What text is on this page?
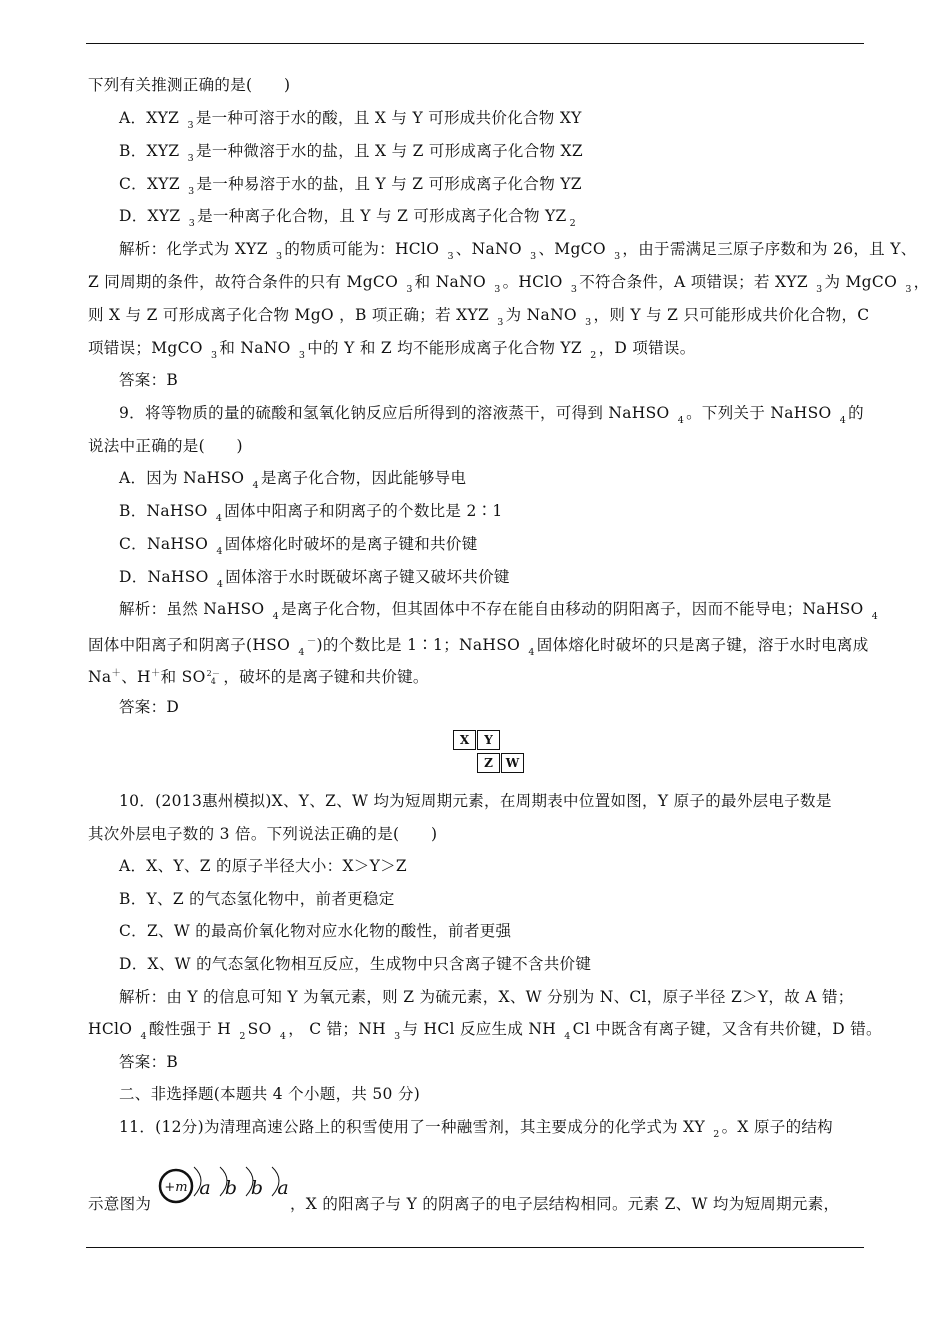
下列有关推测正确的是(　　)
A．XYZ $_3$ 是一种可溶于水的酸，且 X 与 Y 可形成共价化合物 XY
B．XYZ $_3$ 是一种微溶于水的盐，且 X 与 Z 可形成离子化合物 XZ
C．XYZ $_3$ 是一种易溶于水的盐，且 Y 与 Z 可形成离子化合物 YZ
D．XYZ $_3$ 是一种离子化合物，且 Y 与 Z 可形成离子化合物 YZ $_2$
解析：化学式为 XYZ $_3$ 的物质可能为：HClO $_3$ 、NaNO $_3$ 、MgCO $_3$ ，由于需满足三原子序数和为 26，且 Y、
Z 同周期的条件，故符合条件的只有 MgCO $_3$ 和 NaNO $_3$ 。HClO $_3$ 不符合条件，A 项错误；若 XYZ $_3$ 为 MgCO $_3$ ，
则 X 与 Z 可形成离子化合物 MgO ，B 项正确；若 XYZ $_3$ 为 NaNO $_3$ ，则 Y 与 Z 只可能形成共价化合物，C
项错误；MgCO $_3$ 和 NaNO $_3$ 中的 Y 和 Z 均不能形成离子化合物 YZ $_2$ ，D 项错误。
答案：B
9．将等物质的量的硫酸和氢氧化钠反应后所得到的溶液蒸干，可得到 NaHSO $_4$ 。下列关于 NaHSO $_4$ 的
说法中正确的是(　　)
A．因为 NaHSO $_4$ 是离子化合物，因此能够导电
B．NaHSO $_4$ 固体中阳离子和阴离子的个数比是 2∶1
C．NaHSO $_4$ 固体熔化时破坏的是离子键和共价键
D．NaHSO $_4$ 固体溶于水时既破坏离子键又破坏共价键
解析：虽然 NaHSO $_4$ 是离子化合物，但其固体中不存在能自由移动的阴阳离子，因而不能导电；NaHSO $_4$
固体中阳离子和阴离子(HSO $_4$－)的个数比是 1∶1；NaHSO $_4$ 固体熔化时破坏的只是离子键，溶于水时电离成
Na＋、H＋和 SO 2－
4 ，破坏的是离子键和共价键。
答案：D
X	Y
Z	W
10．(2013惠州模拟)X、Y、Z、W 均为短周期元素，在周期表中位置如图，Y 原子的最外层电子数是
其次外层电子数的 3 倍。下列说法正确的是(　　)
A．X、Y、Z 的原子半径大小：X＞Y＞Z
B．Y、Z 的气态氢化物中，前者更稳定
C．Z、W 的最高价氧化物对应水化物的酸性，前者更强
D．X、W 的气态氢化物相互反应，生成物中只含离子键不含共价键
解析：由 Y 的信息可知 Y 为氧元素，则 Z 为硫元素，X、W 分别为 N、Cl，原子半径 Z＞Y，故 A 错；
HClO $_4$ 酸性强于 H $_2$ SO $_4$ ， C 错；NH $_3$ 与 HCl 反应生成 NH $_4$ Cl 中既含有离子键，又含有共价键，D 错。
答案：B
二、非选择题(本题共 4 个小题，共 50 分)
11．(12分)为清理高速公路上的积雪使用了一种融雪剂，其主要成分的化学式为 XY $_2$ 。X 原子的结构
示意图为
+m a b b a
，X 的阳离子与 Y 的阴离子的电子层结构相同。元素 Z、W 均为短周期元素，
